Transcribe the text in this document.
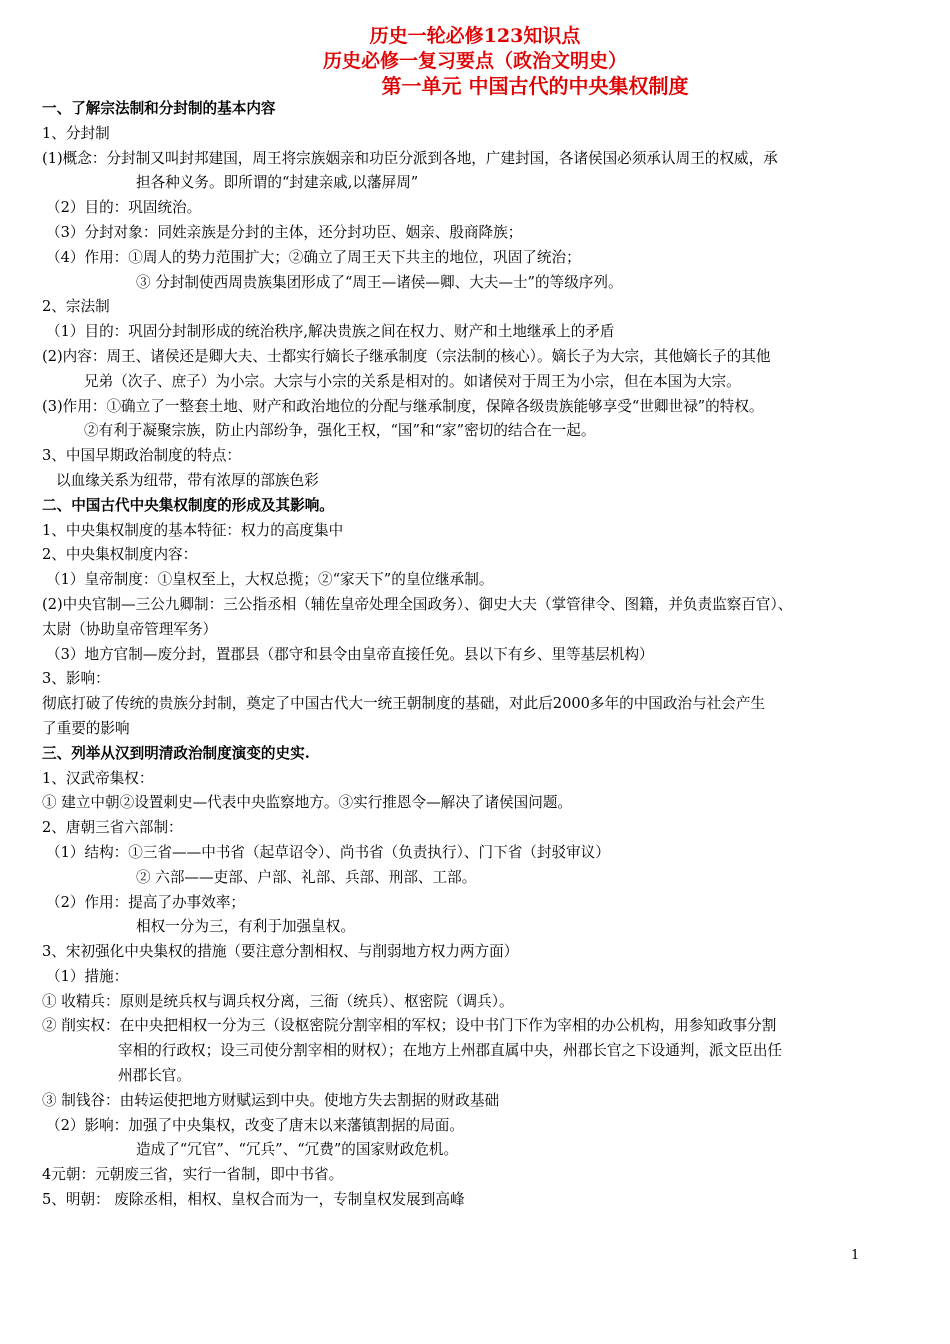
历史一轮必修123知识点
历史必修一复习要点（政治文明史）
第一单元 中国古代的中央集权制度
一、了解宗法制和分封制的基本内容
1、分封制
(1)概念：分封制又叫封邦建国，周王将宗族姻亲和功臣分派到各地，广建封国，各诸侯国必须承认周王的权威，承
担各种义务。即所谓的“封建亲戚,以藩屏周”
（2）目的：巩固统治。
（3）分封对象：同姓亲族是分封的主体，还分封功臣、姻亲、殷商降族；
（4）作用：①周人的势力范围扩大；②确立了周王天下共主的地位，巩固了统治；
③ 分封制使西周贵族集团形成了“周王—诸侯—卿、大夫—士”的等级序列。
2、宗法制
（1）目的：巩固分封制形成的统治秩序,解决贵族之间在权力、财产和土地继承上的矛盾
(2)内容：周王、诸侯还是卿大夫、士都实行嫡长子继承制度（宗法制的核心）。嫡长子为大宗，其他嫡长子的其他
兄弟（次子、庶子）为小宗。大宗与小宗的关系是相对的。如诸侯对于周王为小宗，但在本国为大宗。
(3)作用：①确立了一整套土地、财产和政治地位的分配与继承制度，保障各级贵族能够享受“世卿世禄”的特权。
②有利于凝聚宗族，防止内部纷争，强化王权，“国”和“家”密切的结合在一起。
3、中国早期政治制度的特点：
以血缘关系为纽带，带有浓厚的部族色彩
二、中国古代中央集权制度的形成及其影响。
1、中央集权制度的基本特征：权力的高度集中
2、中央集权制度内容：
（1）皇帝制度：①皇权至上，大权总揽；②“家天下”的皇位继承制。
(2)中央官制—三公九卿制：三公指丞相（辅佐皇帝处理全国政务）、御史大夫（掌管律令、图籍，并负责监察百官）、
太尉（协助皇帝管理军务）
（3）地方官制—废分封，置郡县（郡守和县令由皇帝直接任免。县以下有乡、里等基层机构）
3、影响：
彻底打破了传统的贵族分封制，奠定了中国古代大一统王朝制度的基础，对此后2000多年的中国政治与社会产生
了重要的影响
三、列举从汉到明清政治制度演变的史实.
1、汉武帝集权：
① 建立中朝②设置刺史—代表中央监察地方。③实行推恩令—解决了诸侯国问题。
2、唐朝三省六部制：
（1）结构：①三省——中书省（起草诏令）、尚书省（负责执行）、门下省（封驳审议）
② 六部——吏部、户部、礼部、兵部、刑部、工部。
（2）作用：提高了办事效率；
相权一分为三，有利于加强皇权。
3、宋初强化中央集权的措施（要注意分割相权、与削弱地方权力两方面）
（1）措施：
① 收精兵：原则是统兵权与调兵权分离，三衙（统兵）、枢密院（调兵）。
② 削实权：在中央把相权一分为三（设枢密院分割宰相的军权；设中书门下作为宰相的办公机构，用参知政事分割
宰相的行政权；设三司使分割宰相的财权）；在地方上州郡直属中央，州郡长官之下设通判，派文臣出任
州郡长官。
③ 制钱谷：由转运使把地方财赋运到中央。使地方失去割据的财政基础
（2）影响：加强了中央集权，改变了唐末以来藩镇割据的局面。
造成了“冗官”、“冗兵”、“冗费”的国家财政危机。
4元朝：元朝废三省，实行一省制，即中书省。
5、明朝： 废除丞相，相权、皇权合而为一，专制皇权发展到高峰
1
